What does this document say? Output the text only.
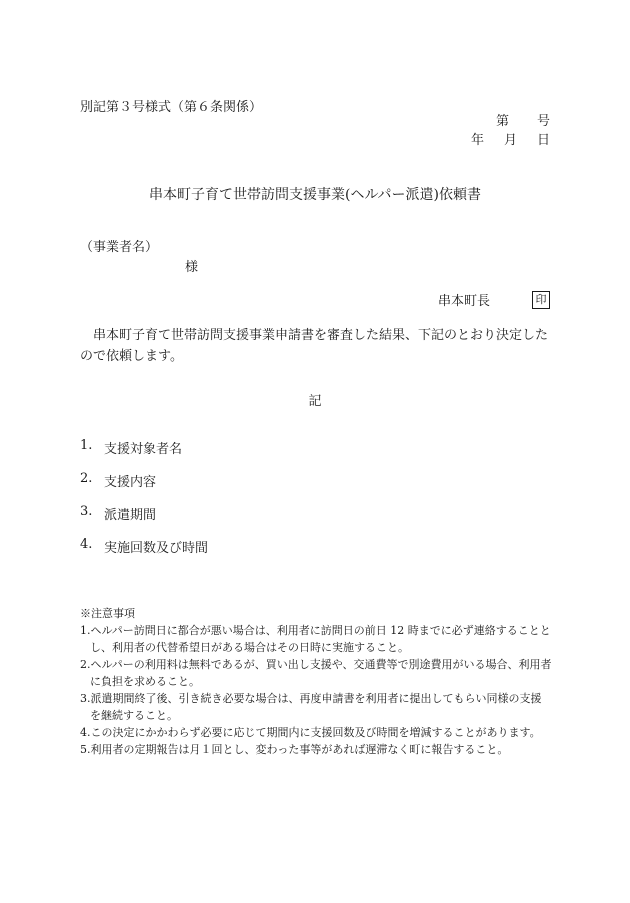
別記第３号様式（第６条関係）
第 号
年 月 日
串本町子育て世帯訪問支援事業(ヘルパー派遣)依頼書
（事業者名）
様
串本町長	印
串本町子育て世帯訪問支援事業申請書を審査した結果、下記のとおり決定したので依頼します。
記
1. 支援対象者名
2. 支援内容
3. 派遣期間
4. 実施回数及び時間
※注意事項
1.ヘルパー訪問日に都合が悪い場合は、利用者に訪問日の前日 12 時までに必ず連絡することとし、利用者の代替希望日がある場合はその日時に実施すること。
2.ヘルパーの利用料は無料であるが、買い出し支援や、交通費等で別途費用がいる場合、利用者に負担を求めること。
3.派遣期間終了後、引き続き必要な場合は、再度申請書を利用者に提出してもらい同様の支援を継続すること。
4.この決定にかかわらず必要に応じて期間内に支援回数及び時間を増減することがあります。
5.利用者の定期報告は月１回とし、変わった事等があれば遅滞なく町に報告すること。
